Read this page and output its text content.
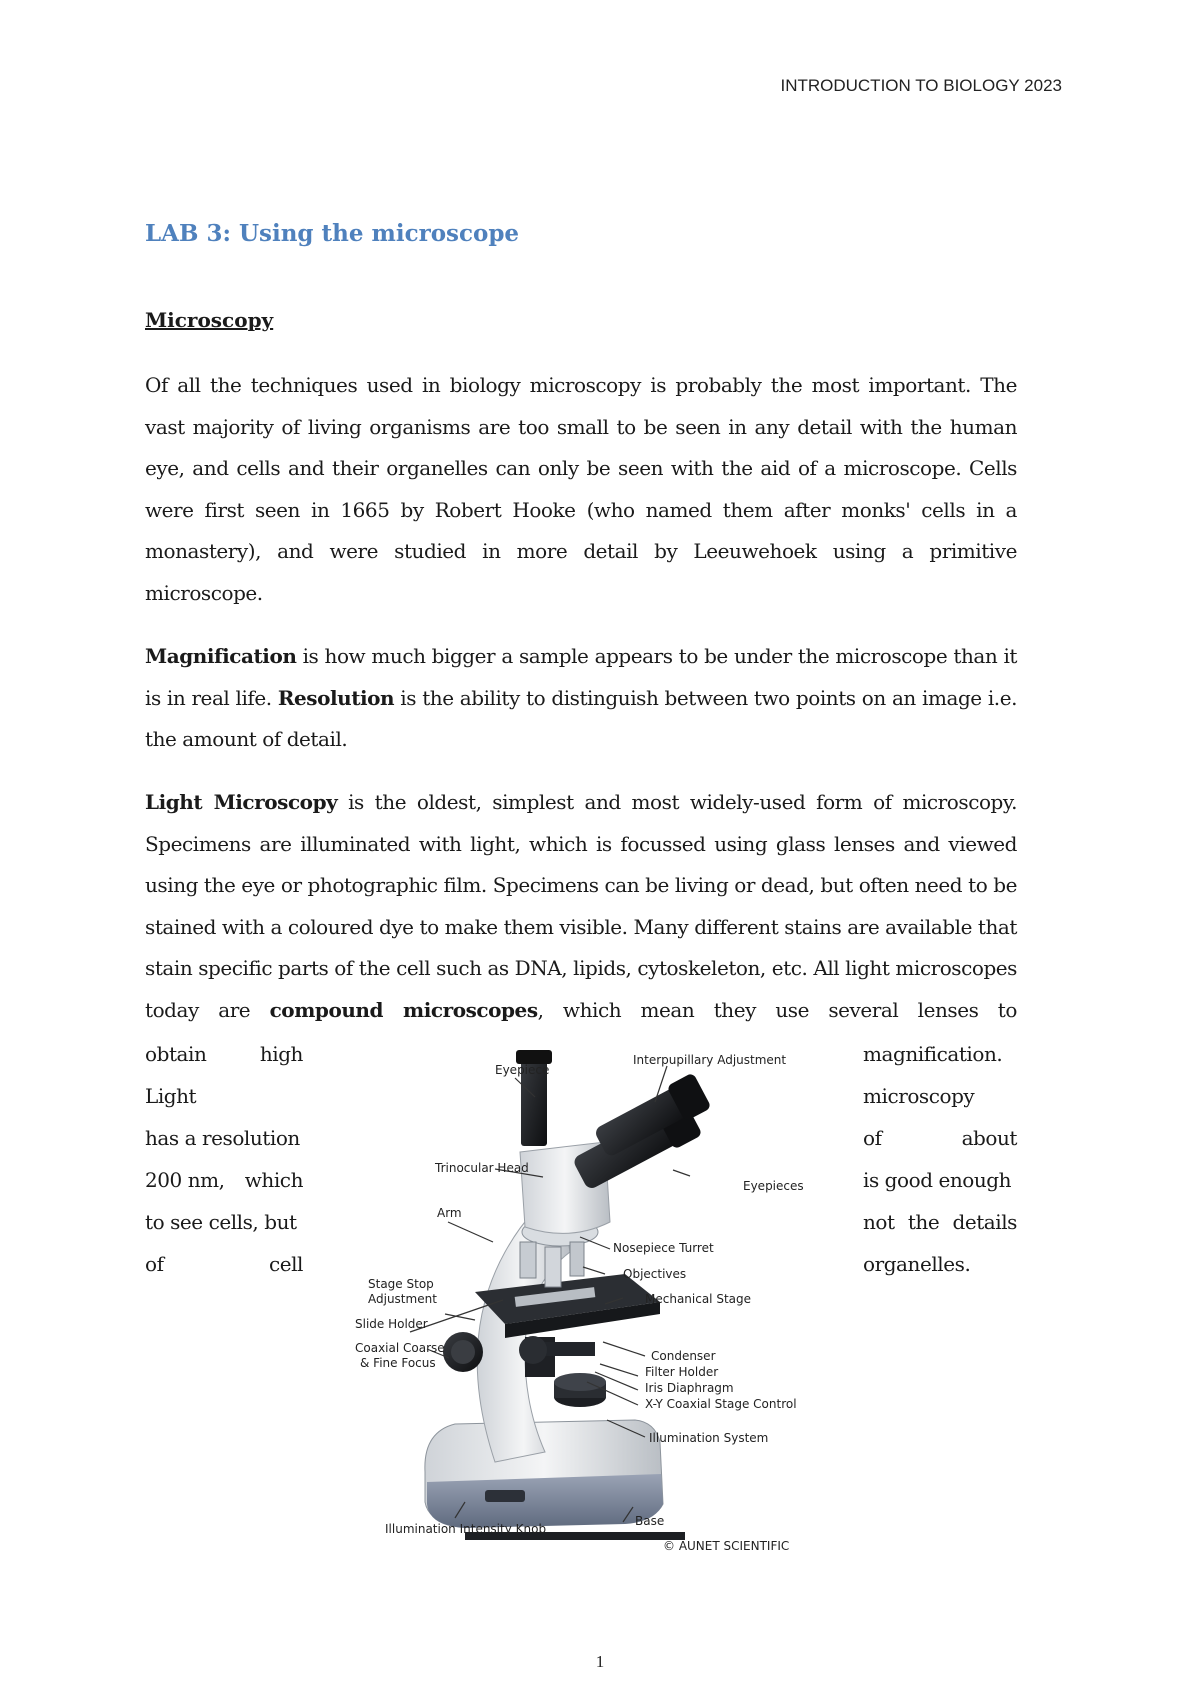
INTRODUCTION TO BIOLOGY 2023
LAB 3: Using the microscope
Microscopy

Of all the techniques used in biology microscopy is probably the most important. The vast majority of living organisms are too small to be seen in any detail with the human eye, and cells and their organelles can only be seen with the aid of a microscope. Cells were first seen in 1665 by Robert Hooke (who named them after monks' cells in a monastery), and were studied in more detail by Leeuwehoek using a primitive microscope.

Magnification is how much bigger a sample appears to be under the microscope than it is in real life. Resolution is the ability to distinguish between two points on an image i.e. the amount of detail.

Light Microscopy is the oldest, simplest and most widely-used form of microscopy. Specimens are illuminated with light, which is focussed using glass lenses and viewed using the eye or photographic film. Specimens can be living or dead, but often need to be stained with a coloured dye to make them visible. Many different stains are available that stain specific parts of the cell such as DNA, lipids, cytoskeleton, etc. All light microscopes today are compound microscopes, which mean they use several lenses to

obtain	high	magnification.
Light	microscopy
has a resolution	of	about
200 nm, which	is good enough
to see cells, but	not the details
of	cell	organelles.
Eyepiece
Interpupillary Adjustment
Trinocular Head
Eyepieces
Arm
Nosepiece Turret
Objectives
Stage Stop
Adjustment	Mechanical Stage
Slide Holder
Coaxial Coarse
& Fine Focus	Condenser
Filter Holder
Iris Diaphragm
X-Y Coaxial Stage Control
Illumination System
Base
Illumination Intensity Knob
© AUNET SCIENTIFIC
1
